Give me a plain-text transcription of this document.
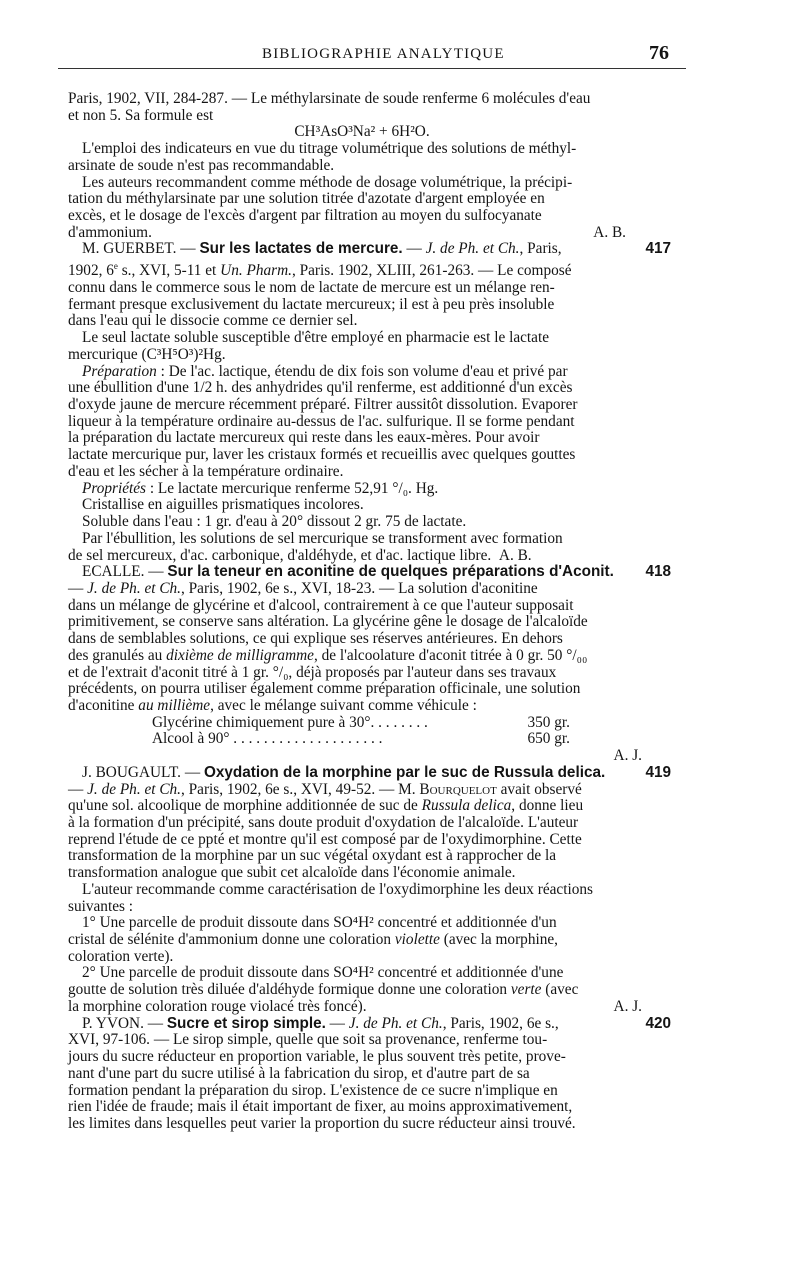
BIBLIOGRAPHIE ANALYTIQUE	76

Paris, 1902, VII, 284-287. — Le méthylarsinate de soude renferme 6 molécules d'eau

et non 5. Sa formule est

CH³AsO³Na² + 6H²O.

L'emploi des indicateurs en vue du titrage volumétrique des solutions de méthyl-

arsinate de soude n'est pas recommandable.

Les auteurs recommandent comme méthode de dosage volumétrique, la précipi-

tation du méthylarsinate par une solution titrée d'azotate d'argent employée en

excès, et le dosage de l'excès d'argent par filtration au moyen du sulfocyanate

d'ammonium.	A. B.

M. GUERBET. — Sur les lactates de mercure. — J. de Ph. et Ch., Paris,	417

1902, 6e s., XVI, 5-11 et Un. Pharm., Paris. 1902, XLIII, 261-263. — Le composé

connu dans le commerce sous le nom de lactate de mercure est un mélange ren-

fermant presque exclusivement du lactate mercureux; il est à peu près insoluble

dans l'eau qui le dissocie comme ce dernier sel.

Le seul lactate soluble susceptible d'être employé en pharmacie est le lactate

mercurique (C³H⁵O³)²Hg.

Préparation : De l'ac. lactique, étendu de dix fois son volume d'eau et privé par

une ébullition d'une 1/2 h. des anhydrides qu'il renferme, est additionné d'un excès

d'oxyde jaune de mercure récemment préparé. Filtrer aussitôt dissolution. Evaporer

liqueur à la température ordinaire au-dessus de l'ac. sulfurique. Il se forme pendant

la préparation du lactate mercureux qui reste dans les eaux-mères. Pour avoir

lactate mercurique pur, laver les cristaux formés et recueillis avec quelques gouttes

d'eau et les sécher à la température ordinaire.

Propriétés : Le lactate mercurique renferme 52,91 °/₀. Hg.

Cristallise en aiguilles prismatiques incolores.

Soluble dans l'eau : 1 gr. d'eau à 20° dissout 2 gr. 75 de lactate.

Par l'ébullition, les solutions de sel mercurique se transforment avec formation

de sel mercureux, d'ac. carbonique, d'aldéhyde, et d'ac. lactique libre. A. B.

ECALLE. — Sur la teneur en aconitine de quelques préparations d'Aconit.	418

— J. de Ph. et Ch., Paris, 1902, 6e s., XVI, 18-23. — La solution d'aconitine

dans un mélange de glycérine et d'alcool, contrairement à ce que l'auteur supposait

primitivement, se conserve sans altération. La glycérine gêne le dosage de l'alcaloïde

dans de semblables solutions, ce qui explique ses réserves antérieures. En dehors

des granulés au dixième de milligramme, de l'alcoolature d'aconit titrée à 0 gr. 50 °/₀₀

et de l'extrait d'aconit titré à 1 gr. °/₀, déjà proposés par l'auteur dans ses travaux

précédents, on pourra utiliser également comme préparation officinale, une solution

d'aconitine au millième, avec le mélange suivant comme véhicule :

Glycérine chimiquement pure à 30°. . . . . . . .	350 gr.

Alcool à 90° . . . . . . . . . . . . . . . . . . . .	650 gr.

A. J.

J. BOUGAULT. — Oxydation de la morphine par le suc de Russula delica.	419

— J. de Ph. et Ch., Paris, 1902, 6e s., XVI, 49-52. — M. Bourquelot avait observé

qu'une sol. alcoolique de morphine additionnée de suc de Russula delica, donne lieu

à la formation d'un précipité, sans doute produit d'oxydation de l'alcaloïde. L'auteur

reprend l'étude de ce ppté et montre qu'il est composé par de l'oxydimorphine. Cette

transformation de la morphine par un suc végétal oxydant est à rapprocher de la

transformation analogue que subit cet alcaloïde dans l'économie animale.

L'auteur recommande comme caractérisation de l'oxydimorphine les deux réactions

suivantes :

1° Une parcelle de produit dissoute dans SO⁴H² concentré et additionnée d'un

cristal de sélénite d'ammonium donne une coloration violette (avec la morphine,

coloration verte).

2° Une parcelle de produit dissoute dans SO⁴H² concentré et additionnée d'une

goutte de solution très diluée d'aldéhyde formique donne une coloration verte (avec

la morphine coloration rouge violacé très foncé).	A. J.

P. YVON. — Sucre et sirop simple. — J. de Ph. et Ch., Paris, 1902, 6e s.,	420

XVI, 97-106. — Le sirop simple, quelle que soit sa provenance, renferme tou-

jours du sucre réducteur en proportion variable, le plus souvent très petite, prove-

nant d'une part du sucre utilisé à la fabrication du sirop, et d'autre part de sa

formation pendant la préparation du sirop. L'existence de ce sucre n'implique en

rien l'idée de fraude; mais il était important de fixer, au moins approximativement,

les limites dans lesquelles peut varier la proportion du sucre réducteur ainsi trouvé.
